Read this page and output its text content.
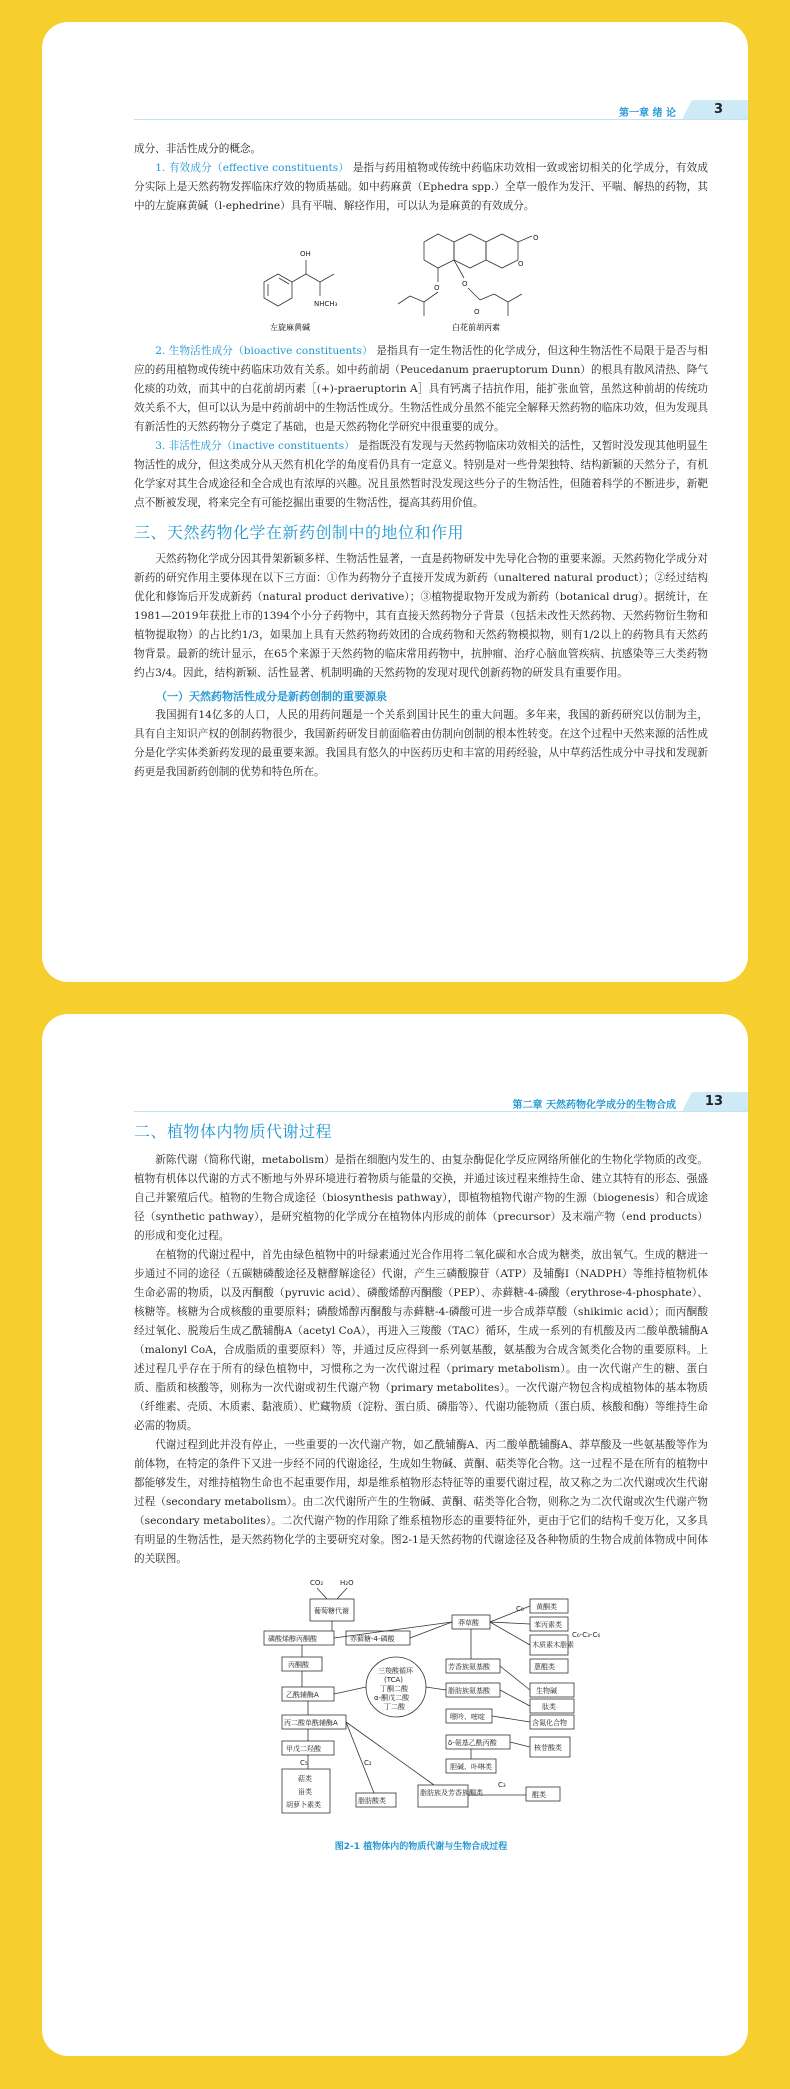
第一章 绪 论	3

成分、非活性成分的概念。

1. 有效成分（effective constituents） 是指与药用植物或传统中药临床功效相一致或密切相关的化学成分，有效成分实际上是天然药物发挥临床疗效的物质基础。如中药麻黄（Ephedra spp.）全草一般作为发汗、平喘、解热的药物，其中的左旋麻黄碱（l-ephedrine）具有平喘、解痉作用，可以认为是麻黄的有效成分。

OH
NHCH₃
O
O
O	O
O
左旋麻黄碱	白花前胡丙素

2. 生物活性成分（bioactive constituents） 是指具有一定生物活性的化学成分，但这种生物活性不局限于是否与相应的药用植物或传统中药临床功效有关系。如中药前胡（Peucedanum praeruptorum Dunn）的根具有散风清热、降气化痰的功效，而其中的白花前胡丙素［(+)-praeruptorin A］具有钙离子拮抗作用，能扩张血管，虽然这种前胡的传统功效关系不大，但可以认为是中药前胡中的生物活性成分。生物活性成分虽然不能完全解释天然药物的临床功效，但为发现具有新活性的天然药物分子奠定了基础，也是天然药物化学研究中很重要的成分。

3. 非活性成分（inactive constituents） 是指既没有发现与天然药物临床功效相关的活性，又暂时没发现其他明显生物活性的成分，但这类成分从天然有机化学的角度看仍具有一定意义。特别是对一些骨架独特、结构新颖的天然分子，有机化学家对其生合成途径和全合成也有浓厚的兴趣。况且虽然暂时没发现这些分子的生物活性，但随着科学的不断进步，新靶点不断被发现，将来完全有可能挖掘出重要的生物活性，提高其药用价值。

三、天然药物化学在新药创制中的地位和作用

天然药物化学成分因其骨架新颖多样、生物活性显著，一直是药物研发中先导化合物的重要来源。天然药物化学成分对新药的研究作用主要体现在以下三方面：①作为药物分子直接开发成为新药（unaltered natural product）；②经过结构优化和修饰后开发成新药（natural product derivative）；③植物提取物开发成为新药（botanical drug）。据统计，在1981—2019年获批上市的1394个小分子药物中，其有直接天然药物分子背景（包括未改性天然药物、天然药物衍生物和植物提取物）的占比约1/3，如果加上具有天然药物药效团的合成药物和天然药物模拟物，则有1/2以上的药物具有天然药物背景。最新的统计显示，在65个来源于天然药物的临床常用药物中，抗肿瘤、治疗心脑血管疾病、抗感染等三大类药物约占3/4。因此，结构新颖、活性显著、机制明确的天然药物的发现对现代创新药物的研发具有重要作用。

（一）天然药物活性成分是新药创制的重要源泉

我国拥有14亿多的人口，人民的用药问题是一个关系到国计民生的重大问题。多年来，我国的新药研究以仿制为主，具有自主知识产权的创制药物很少，我国新药研发目前面临着由仿制向创制的根本性转变。在这个过程中天然来源的活性成分是化学实体类新药发现的最重要来源。我国具有悠久的中医药历史和丰富的用药经验，从中草药活性成分中寻找和发现新药更是我国新药创制的优势和特色所在。

第二章 天然药物化学成分的生物合成 13
二、植物体内物质代谢过程

新陈代谢（简称代谢，metabolism）是指在细胞内发生的、由复杂酶促化学反应网络所催化的生物化学物质的改变。植物有机体以代谢的方式不断地与外界环境进行着物质与能量的交换，并通过该过程来维持生命、建立其特有的形态、强盛自己并繁殖后代。植物的生物合成途径（biosynthesis pathway），即植物植物代谢产物的生源（biogenesis）和合成途径（synthetic pathway），是研究植物的化学成分在植物体内形成的前体（precursor）及末端产物（end products）的形成和变化过程。

在植物的代谢过程中，首先由绿色植物中的叶绿素通过光合作用将二氧化碳和水合成为糖类，放出氧气。生成的糖进一步通过不同的途径（五碳糖磷酸途径及糖酵解途径）代谢，产生三磷酸腺苷（ATP）及辅酶Ⅰ（NADPH）等维持植物机体生命必需的物质，以及丙酮酸（pyruvic acid）、磷酸烯醇丙酮酸（PEP）、赤藓糖-4-磷酸（erythrose-4-phosphate）、核糖等。核糖为合成核酸的重要原料；磷酸烯醇丙酮酸与赤藓糖-4-磷酸可进一步合成莽草酸（shikimic acid）；而丙酮酸经过氧化、脱羧后生成乙酰辅酶A（acetyl CoA），再进入三羧酸（TAC）循环，生成一系列的有机酸及丙二酸单酰辅酶A（malonyl CoA，合成脂质的重要原料）等，并通过反应得到一系列氨基酸，氨基酸为合成含氮类化合物的重要原料。上述过程几乎存在于所有的绿色植物中，习惯称之为一次代谢过程（primary metabolism）。由一次代谢产生的糖、蛋白质、脂质和核酸等，则称为一次代谢或初生代谢产物（primary metabolites）。一次代谢产物包含构成植物体的基本物质（纤维素、壳质、木质素、黏液质）、贮藏物质（淀粉、蛋白质、磷脂等）、代谢功能物质（蛋白质、核酸和酶）等维持生命必需的物质。

代谢过程到此并没有停止，一些重要的一次代谢产物，如乙酰辅酶A、丙二酸单酰辅酶A、莽草酸及一些氨基酸等作为前体物，在特定的条件下又进一步经不同的代谢途径，生成如生物碱、黄酮、萜类等化合物。这一过程不是在所有的植物中都能够发生，对维持植物生命也不起重要作用，却是维系植物形态特征等的重要代谢过程，故又称之为二次代谢或次生代谢过程（secondary metabolism）。由二次代谢所产生的生物碱、黄酮、萜类等化合物，则称之为二次代谢或次生代谢产物（secondary metabolites）。二次代谢产物的作用除了维系植物形态的重要特征外，更由于它们的结构千变万化，又多具有明显的生物活性，是天然药物化学的主要研究对象。图2-1是天然药物的代谢途径及各种物质的生物合成前体物成中间体的关联图。

CO₂ H₂O
葡萄糖代谢
磷酸烯醇丙酮酸	赤藓糖-4-磷酸
丙酮酸
乙酰辅酶A
丙二酸单酰辅酶A
甲戊二羟酸
C₅
萜类
甾类
胡萝卜素类
C₂
脂肪酸类
脂肪族及芳香族酮类
C₃
醌类
三羧酸循环
(TCA)
丁酮二酸
α-酮戊二酸
丁二酸
莽草酸
芳香族氨基酸
脂肪族氨基酸
嘌呤、嘧啶
δ-氨基乙酰丙酸
胆碱、卟啉类
C₆ 黄酮类
苯丙素类
木质素木脂素
蒽醌类
生物碱
肽类
含氮化合物
核苷酸类
C₆-C₃-C₆
图2-1 植物体内的物质代谢与生物合成过程
